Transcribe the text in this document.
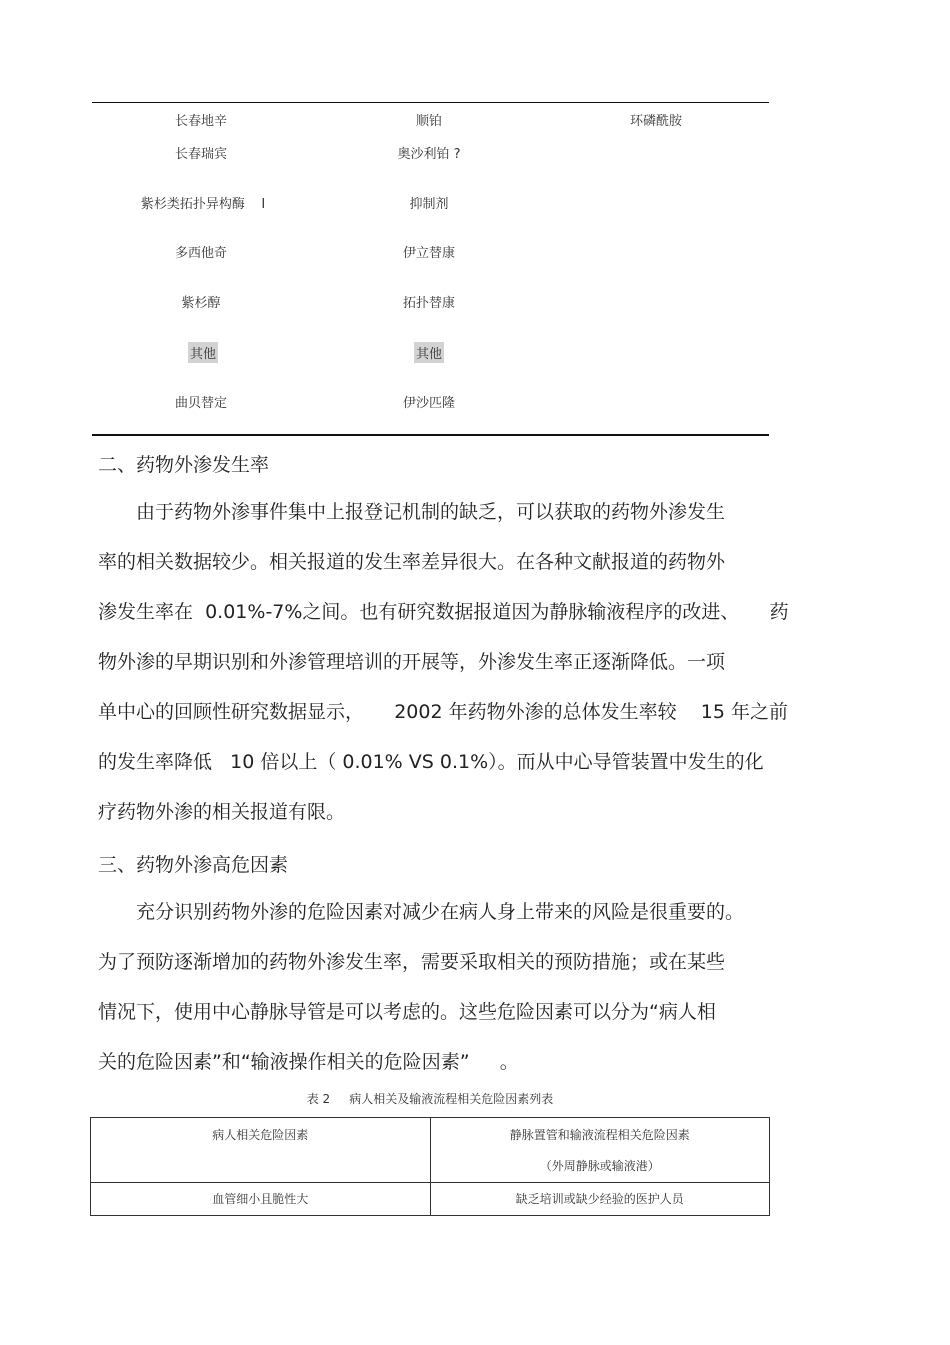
长春地辛	顺铂	环磷酰胺
长春瑞宾	奥沙利铂 ?
紫杉类拓扑异构酶    I	抑制剂
多西他奇	伊立替康
紫杉醇	拓扑替康
其他	其他
曲贝替定	伊沙匹隆
二、药物外渗发生率
由于药物外渗事件集中上报登记机制的缺乏，可以获取的药物外渗发生
率的相关数据较少。相关报道的发生率差异很大。在各种文献报道的药物外
渗发生率在  0.01%-7%之间。也有研究数据报道因为静脉输液程序的改进、     药
物外渗的早期识别和外渗管理培训的开展等，外渗发生率正逐渐降低。一项
单中心的回顾性研究数据显示，     2002 年药物外渗的总体发生率较    15 年之前
的发生率降低   10 倍以上（ 0.01% VS 0.1%）。而从中心导管装置中发生的化
疗药物外渗的相关报道有限。
三、药物外渗高危因素
充分识别药物外渗的危险因素对减少在病人身上带来的风险是很重要的。
为了预防逐渐增加的药物外渗发生率，需要采取相关的预防措施；或在某些
情况下，使用中心静脉导管是可以考虑的。这些危险因素可以分为“病人相
关的危险因素”和“输液操作相关的危险因素”     。
表 2     病人相关及输液流程相关危险因素列表
病人相关危险因素	静脉置管和输液流程相关危险因素
（外周静脉或输液港）

血管细小且脆性大	缺乏培训或缺少经验的医护人员
